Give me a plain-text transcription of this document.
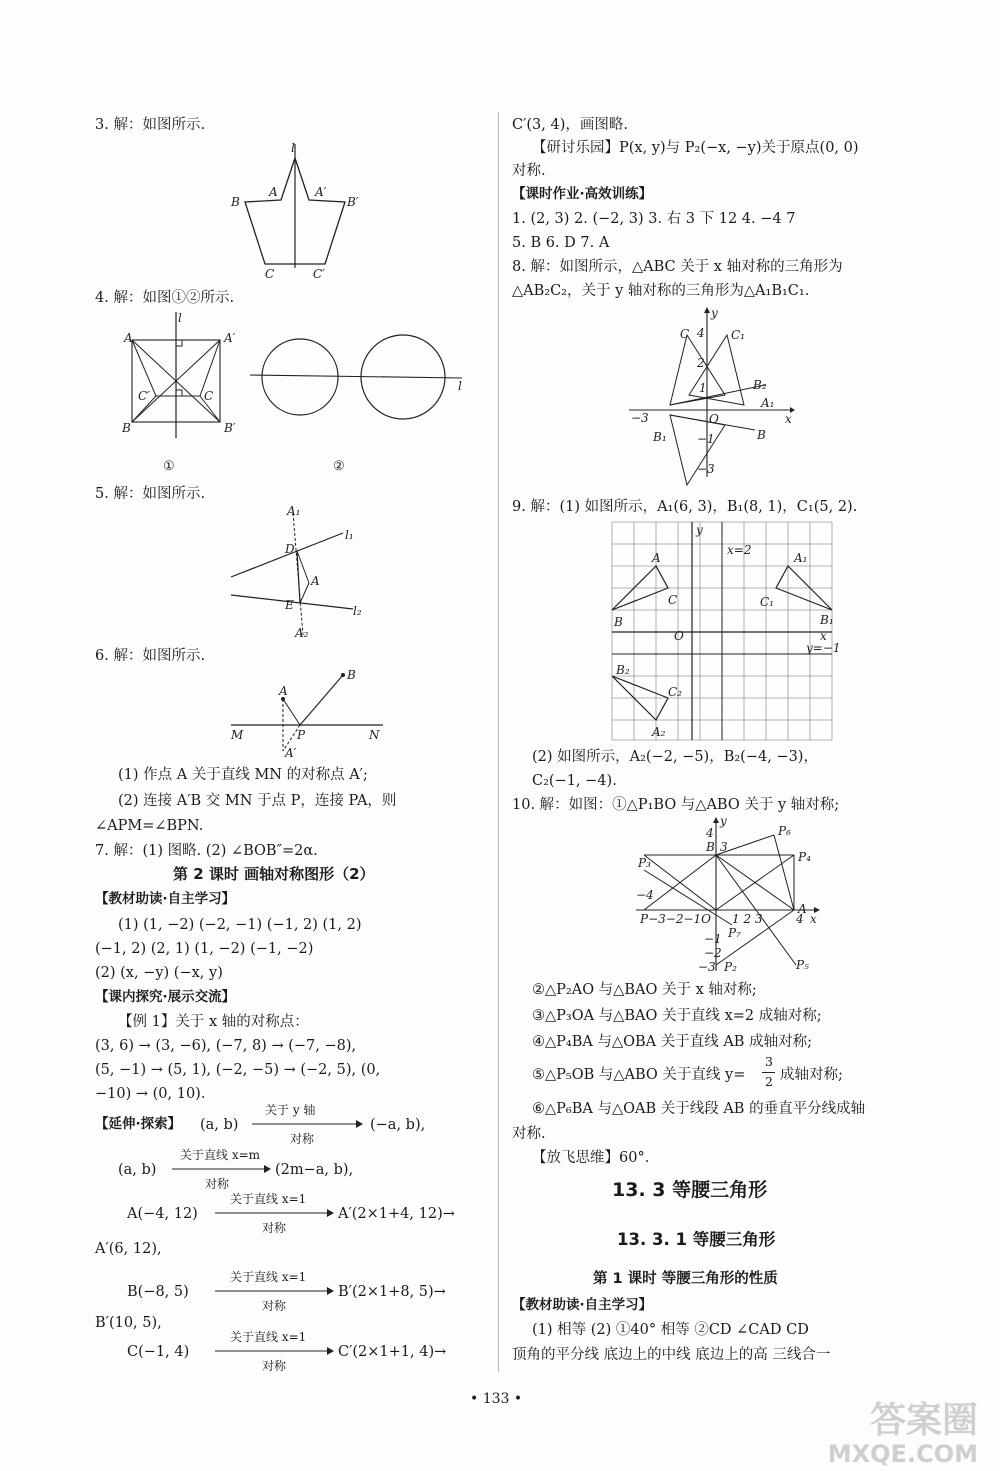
3. 解：如图所示.
l
B
A	A′
B′
C	C′
4. 解：如图①②所示.
l
A	A′
C′	C
B	B′
l
①	②
5. 解：如图所示.
A₁
D
A
E
A₂
l₁
l₂
6. 解：如图所示.
A
B
M	P	N
A′
(1) 作点 A 关于直线 MN 的对称点 A′;
(2) 连接 A′B 交 MN 于点 P，连接 PA，则
∠APM=∠BPN.
7. 解：(1) 图略. (2) ∠BOB″=2α.
第 2 课时 画轴对称图形（2）
【教材助读·自主学习】
(1) (1, −2) (−2, −1) (−1, 2) (1, 2)
(−1, 2) (2, 1) (1, −2) (−1, −2)
(2) (x, −y) (−x, y)
【课内探究·展示交流】
【例 1】关于 x 轴的对称点：
(3, 6) → (3, −6), (−7, 8) → (−7, −8),
(5, −1) → (5, 1), (−2, −5) → (−2, 5), (0,
−10) → (0, 10).
【延伸·探索】 (a, b)
关于 y 轴
对称
(−a, b),
(a, b)
关于直线 x=m
对称
(2m−a, b),
A(−4, 12)
关于直线 x=1
对称
A′(2×1+4, 12)→
A′(6, 12),
B(−8, 5)
关于直线 x=1
对称
B′(2×1+8, 5)→
B′(10, 5),
C(−1, 4)
关于直线 x=1
对称
C′(2×1+1, 4)→
C′(3, 4)，画图略.
【研讨乐园】P(x, y)与 P₂(−x, −y)关于原点(0, 0)
对称.
【课时作业·高效训练】
1. (2, 3) 2. (−2, 3) 3. 右 3 下 12 4. −4 7
5. B 6. D 7. A
8. 解：如图所示，△ABC 关于 x 轴对称的三角形为
△AB₂C₂，关于 y 轴对称的三角形为△A₁B₁C₁.
y
x
4
2
1
−1
−3
−3	O
C	C₁
B₂
A₁
B
B₁
9. 解：(1) 如图所示，A₁(6, 3)，B₁(8, 1)，C₁(5, 2).
y
x=2
A
C
B
A₁
C₁
B₁
x
O
y=−1
B₂
C₂
A₂
(2) 如图所示，A₂(−2, −5)，B₂(−4, −3)，
C₂(−1, −4).
10. 解：如图：①△P₁BO 与△ABO 关于 y 轴对称;
y
x
4
B 3
P₃
P₆
P₄
−4
P−3−2−1O 1 2 3	4
P₇
A
−1
−2
−3 P₂	P₅
②△P₂AO 与△BAO 关于 x 轴对称;
③△P₃OA 与△BAO 关于直线 x=2 成轴对称;
④△P₄BA 与△OBA 关于直线 AB 成轴对称;
⑤△P₅OB 与△ABO 关于直线 y=
3
2 成轴对称;
⑥△P₆BA 与△OAB 关于线段 AB 的垂直平分线成轴
对称.
【放飞思维】60°.
13. 3 等腰三角形
13. 3. 1 等腰三角形
第 1 课时 等腰三角形的性质
【教材助读·自主学习】
(1) 相等 (2) ①40° 相等 ②CD ∠CAD CD
顶角的平分线 底边上的中线 底边上的高 三线合一
• 133 •
答案圈
MXQE.COM
